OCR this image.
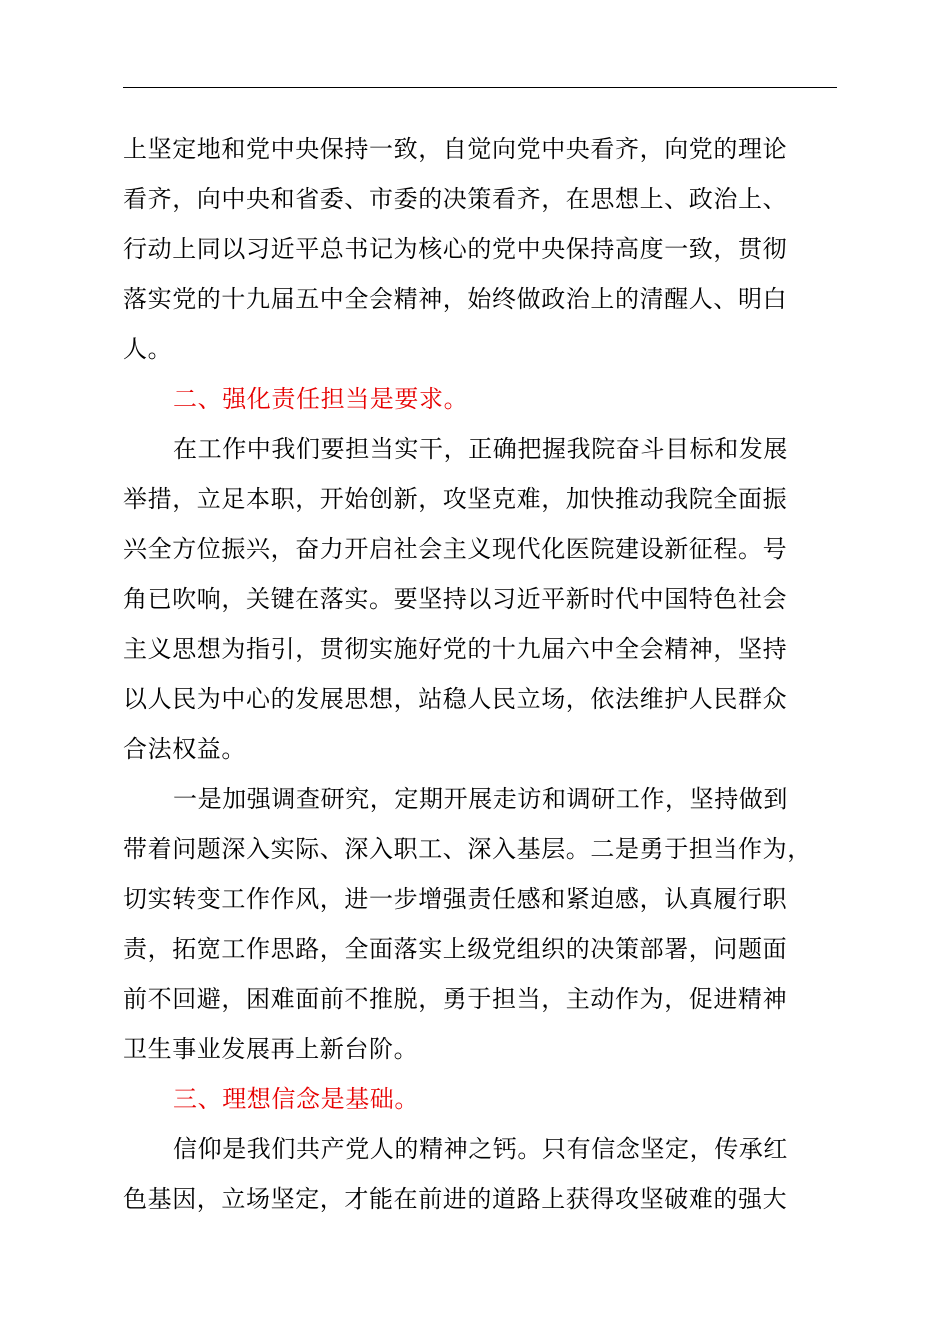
上坚定地和党中央保持一致，自觉向党中央看齐，向党的理论
看齐，向中央和省委、市委的决策看齐，在思想上、政治上、
行动上同以习近平总书记为核心的党中央保持高度一致，贯彻
落实党的十九届五中全会精神，始终做政治上的清醒人、明白
人。
二、强化责任担当是要求。
在工作中我们要担当实干，正确把握我院奋斗目标和发展
举措，立足本职，开始创新，攻坚克难，加快推动我院全面振
兴全方位振兴，奋力开启社会主义现代化医院建设新征程。号
角已吹响，关键在落实。要坚持以习近平新时代中国特色社会
主义思想为指引，贯彻实施好党的十九届六中全会精神，坚持
以人民为中心的发展思想，站稳人民立场，依法维护人民群众
合法权益。
一是加强调查研究，定期开展走访和调研工作，坚持做到
带着问题深入实际、深入职工、深入基层。二是勇于担当作为，
切实转变工作作风，进一步增强责任感和紧迫感，认真履行职
责，拓宽工作思路，全面落实上级党组织的决策部署，问题面
前不回避，困难面前不推脱，勇于担当，主动作为，促进精神
卫生事业发展再上新台阶。
三、理想信念是基础。
信仰是我们共产党人的精神之钙。只有信念坚定，传承红
色基因，立场坚定，才能在前进的道路上获得攻坚破难的强大
